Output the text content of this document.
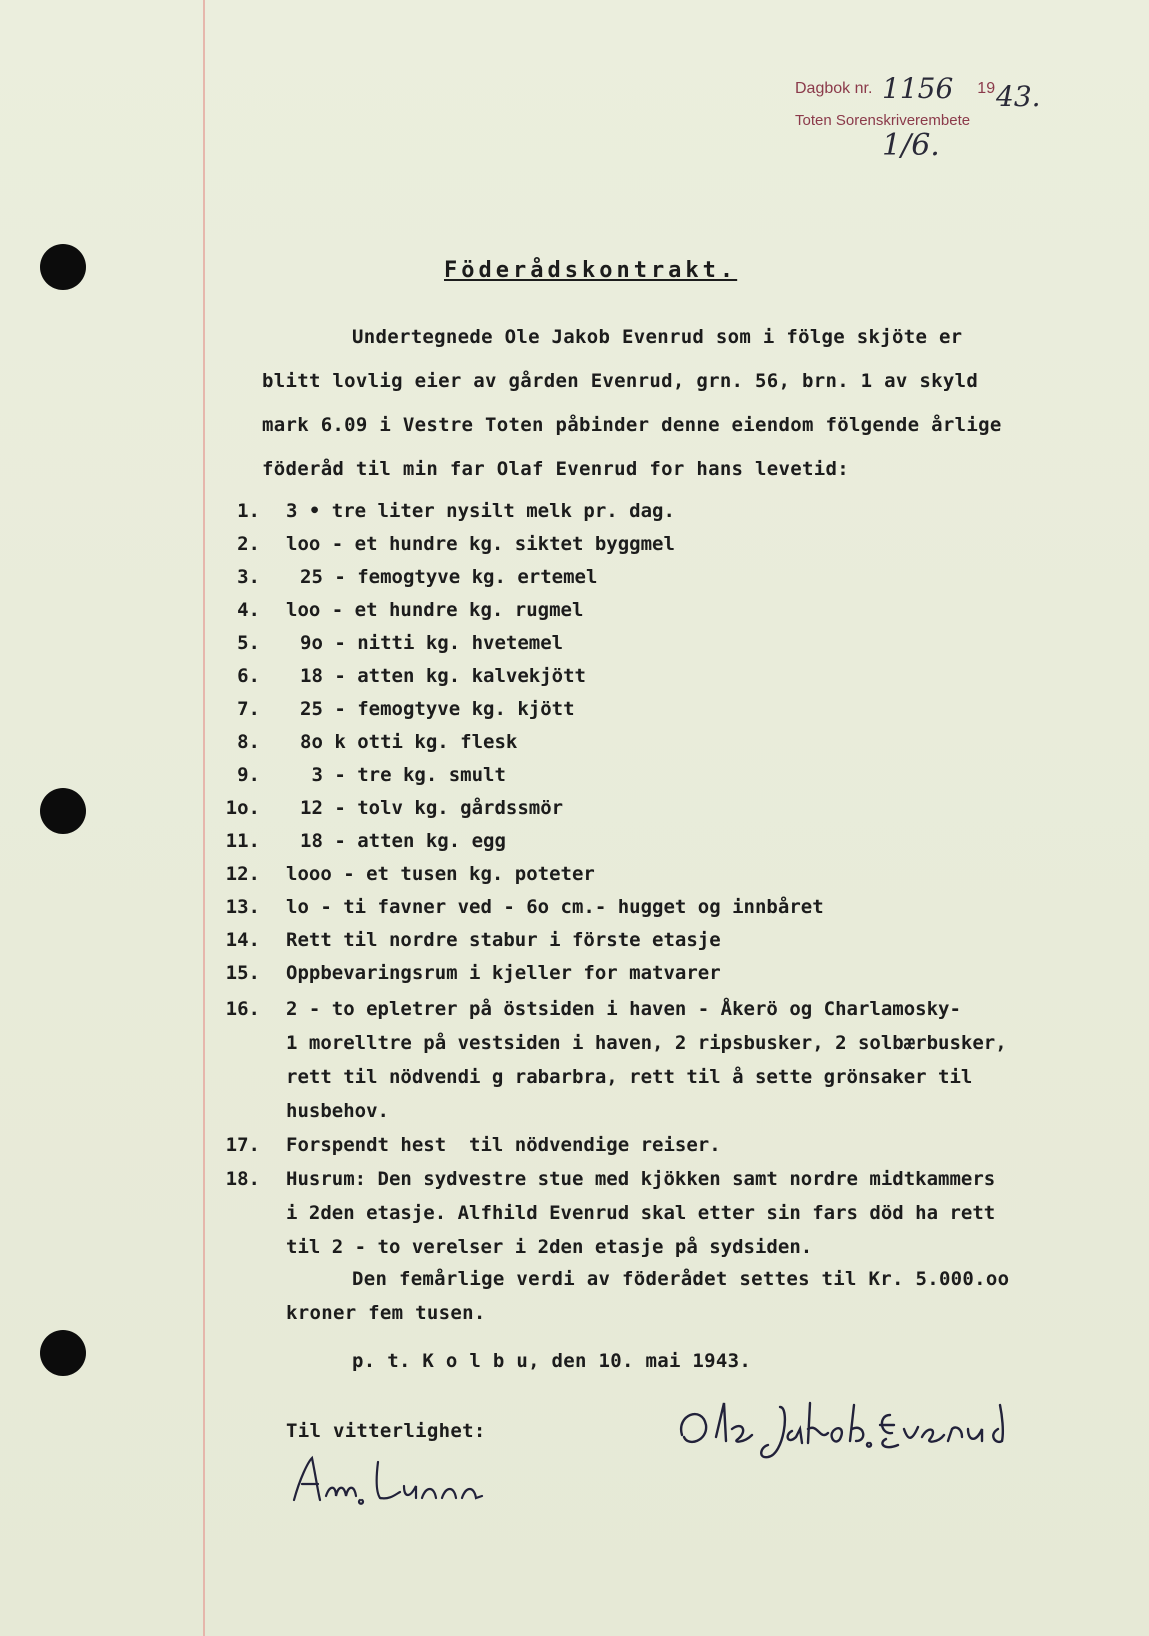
Dagbok nr.	19
Toten Sorenskriverembete
1156 43.
1/6.
Föderådskontrakt.
Undertegnede Ole Jakob Evenrud som i fölge skjöte er
blitt lovlig eier av gården Evenrud, grn. 56, brn. 1 av skyld
mark 6.09 i Vestre Toten påbinder denne eiendom fölgende årlige
föderåd til min far Olaf Evenrud for hans levetid:
1. 3 • tre liter nysilt melk pr. dag.
2. loo - et hundre kg. siktet byggmel
3. 25 - femogtyve kg. ertemel
4. loo - et hundre kg. rugmel
5. 9o - nitti kg. hvetemel
6. 18 - atten kg. kalvekjött
7. 25 - femogtyve kg. kjött
8. 8o k otti kg. flesk
9. 3 - tre kg. smult
1o. 12 - tolv kg. gårdssmör
11. 18 - atten kg. egg
12. looo - et tusen kg. poteter
13. lo - ti favner ved - 6o cm.- hugget og innbåret
14. Rett til nordre stabur i förste etasje
15. Oppbevaringsrum i kjeller for matvarer
16. 2 - to epletrer på östsiden i haven - Åkerö og Charlamosky-
1 morelltre på vestsiden i haven, 2 ripsbusker, 2 solbærbusker,
rett til nödvendi g rabarbra, rett til å sette grönsaker til
husbehov.
17. Forspendt hest  til nödvendige reiser.
18. Husrum: Den sydvestre stue med kjökken samt nordre midtkammers
i 2den etasje. Alfhild Evenrud skal etter sin fars död ha rett
til 2 - to verelser i 2den etasje på sydsiden.
Den femårlige verdi av föderådet settes til Kr. 5.000.oo
kroner fem tusen.
p. t. K o l b u, den 10. mai 1943.
Til vitterlighet:
